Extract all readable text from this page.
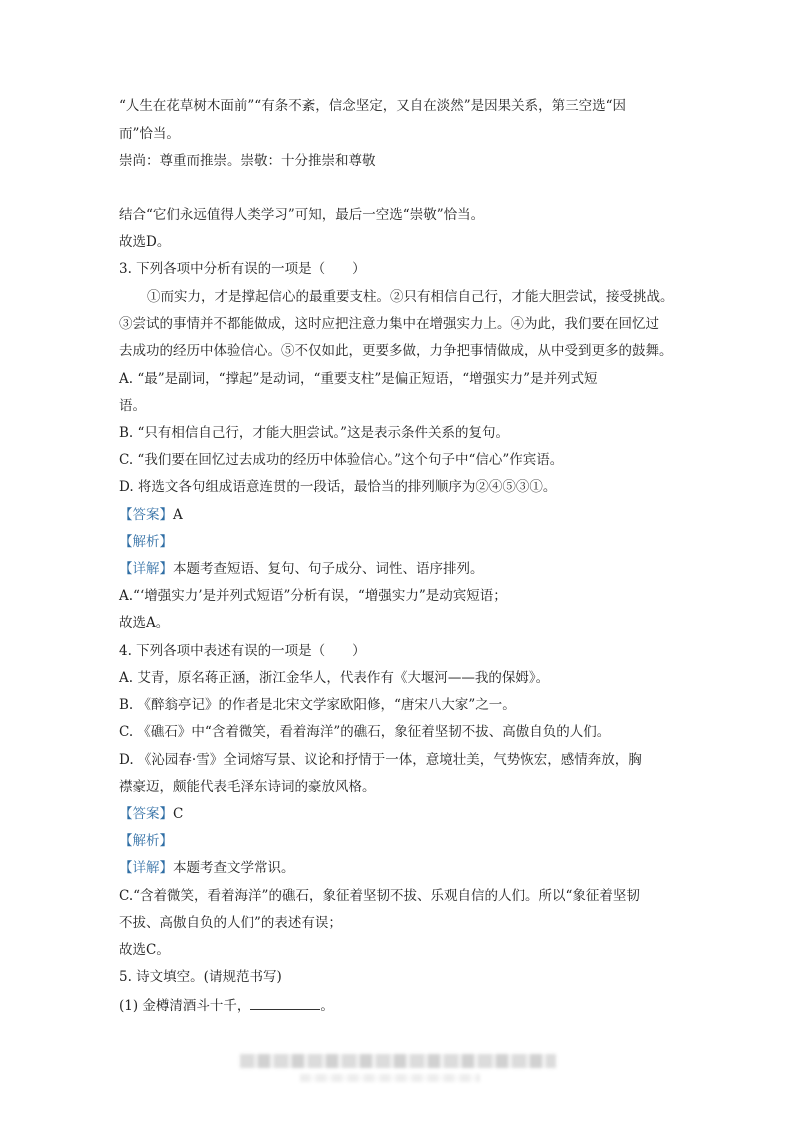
“人生在花草树木面前”“有条不紊，信念坚定，又自在淡然”是因果关系，第三空选“因
而”恰当。
崇尚：尊重而推崇。崇敬：十分推崇和尊敬
结合“它们永远值得人类学习”可知，最后一空选“崇敬”恰当。
故选D。
3. 下列各项中分析有误的一项是（　　）
①而实力，才是撑起信心的最重要支柱。②只有相信自己行，才能大胆尝试，接受挑战。
③尝试的事情并不都能做成，这时应把注意力集中在增强实力上。④为此，我们要在回忆过
去成功的经历中体验信心。⑤不仅如此，更要多做，力争把事情做成，从中受到更多的鼓舞。
A. “最”是副词，“撑起”是动词，“重要支柱”是偏正短语，“增强实力”是并列式短
语。
B. “只有相信自己行，才能大胆尝试。”这是表示条件关系的复句。
C. “我们要在回忆过去成功的经历中体验信心。”这个句子中“信心”作宾语。
D. 将选文各句组成语意连贯的一段话，最恰当的排列顺序为②④⑤③①。
【答案】A
【解析】
【详解】本题考查短语、复句、句子成分、词性、语序排列。
A.“‘增强实力’是并列式短语”分析有误，“增强实力”是动宾短语；
故选A。
4. 下列各项中表述有误的一项是（　　）
A. 艾青，原名蒋正涵，浙江金华人，代表作有《大堰河——我的保姆》。
B. 《醉翁亭记》的作者是北宋文学家欧阳修，“唐宋八大家”之一。
C. 《礁石》中“含着微笑，看着海洋”的礁石，象征着坚韧不拔、高傲自负的人们。
D. 《沁园春·雪》全词熔写景、议论和抒情于一体，意境壮美，气势恢宏，感情奔放，胸
襟豪迈，颇能代表毛泽东诗词的豪放风格。
【答案】C
【解析】
【详解】本题考查文学常识。
C.“含着微笑，看着海洋”的礁石，象征着坚韧不拔、乐观自信的人们。所以“象征着坚韧
不拔、高傲自负的人们”的表述有误；
故选C。
5. 诗文填空。(请规范书写)
(1) 金樽清酒斗十千，	。
